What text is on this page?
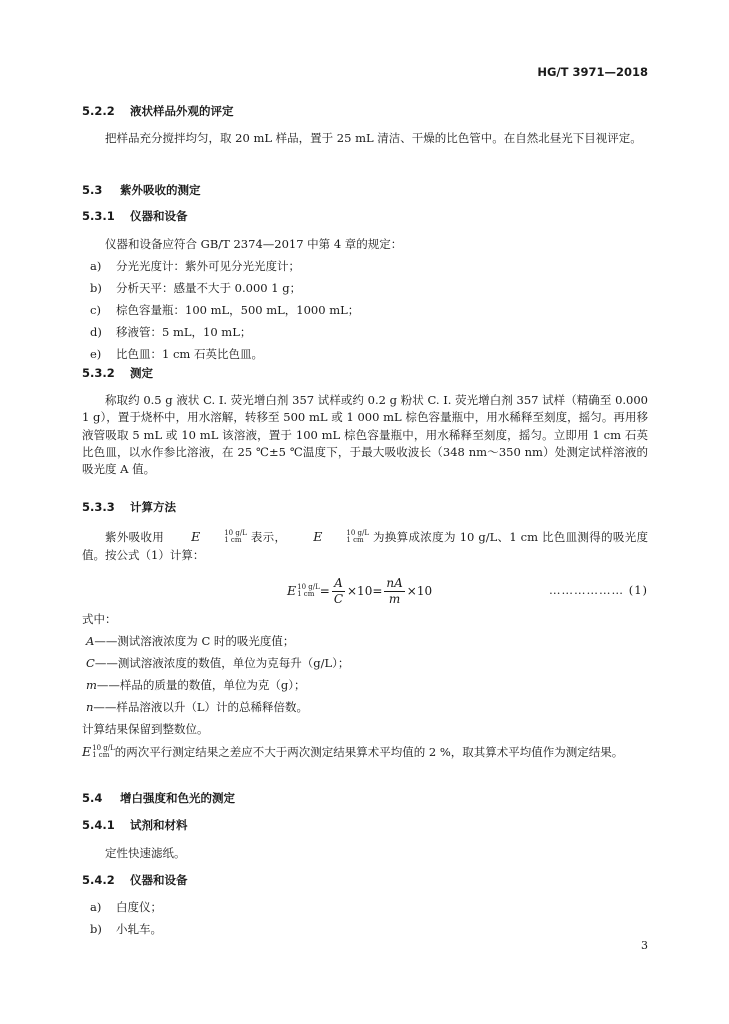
HG/T 3971—2018
5.2.2 液状样品外观的评定
把样品充分搅拌均匀，取 20 mL 样品，置于 25 mL 清洁、干燥的比色管中。在自然北昼光下目视评定。
5.3 紫外吸收的测定
5.3.1 仪器和设备
仪器和设备应符合 GB/T 2374—2017 中第 4 章的规定：
a) 分光光度计：紫外可见分光光度计；
b) 分析天平：感量不大于 0.000 1 g；
c) 棕色容量瓶：100 mL，500 mL，1000 mL；
d) 移液管：5 mL，10 mL；
e) 比色皿：1 cm 石英比色皿。
5.3.2 测定
称取约 0.5 g 液状 C. I. 荧光增白剂 357 试样或约 0.2 g 粉状 C. I. 荧光增白剂 357 试样（精确至 0.000 1 g），置于烧杯中，用水溶解，转移至 500 mL 或 1 000 mL 棕色容量瓶中，用水稀释至刻度，摇匀。再用移液管吸取 5 mL 或 10 mL 该溶液，置于 100 mL 棕色容量瓶中，用水稀释至刻度，摇匀。立即用 1 cm 石英比色皿，以水作参比溶液，在 25 ℃±5 ℃温度下，于最大吸收波长（348 nm～350 nm）处测定试样溶液的吸光度 A 值。
5.3.3 计算方法
紫外吸收用	E	10 g/L
1 cm 表示，	E	10 g/L
1 cm 为换算成浓度为 10 g/L、1 cm 比色皿测得的吸光度值。按公式（1）计算：
E 10 g/L
1 cm = $\frac{A}{C} \times 10= \frac{nA}{m} \times 10$	……………… (1)
式中：
A——测试溶液浓度为 C 时的吸光度值；
C——测试溶液浓度的数值，单位为克每升（g/L）；
m——样品的质量的数值，单位为克（g）；
n——样品溶液以升（L）计的总稀释倍数。
计算结果保留到整数位。
E 10 g/L
1 cm 的两次平行测定结果之差应不大于两次测定结果算术平均值的 2 %，取其算术平均值作为测定结果。
5.4 增白强度和色光的测定
5.4.1 试剂和材料
定性快速滤纸。
5.4.2 仪器和设备
a) 白度仪；
b) 小轧车。
3
